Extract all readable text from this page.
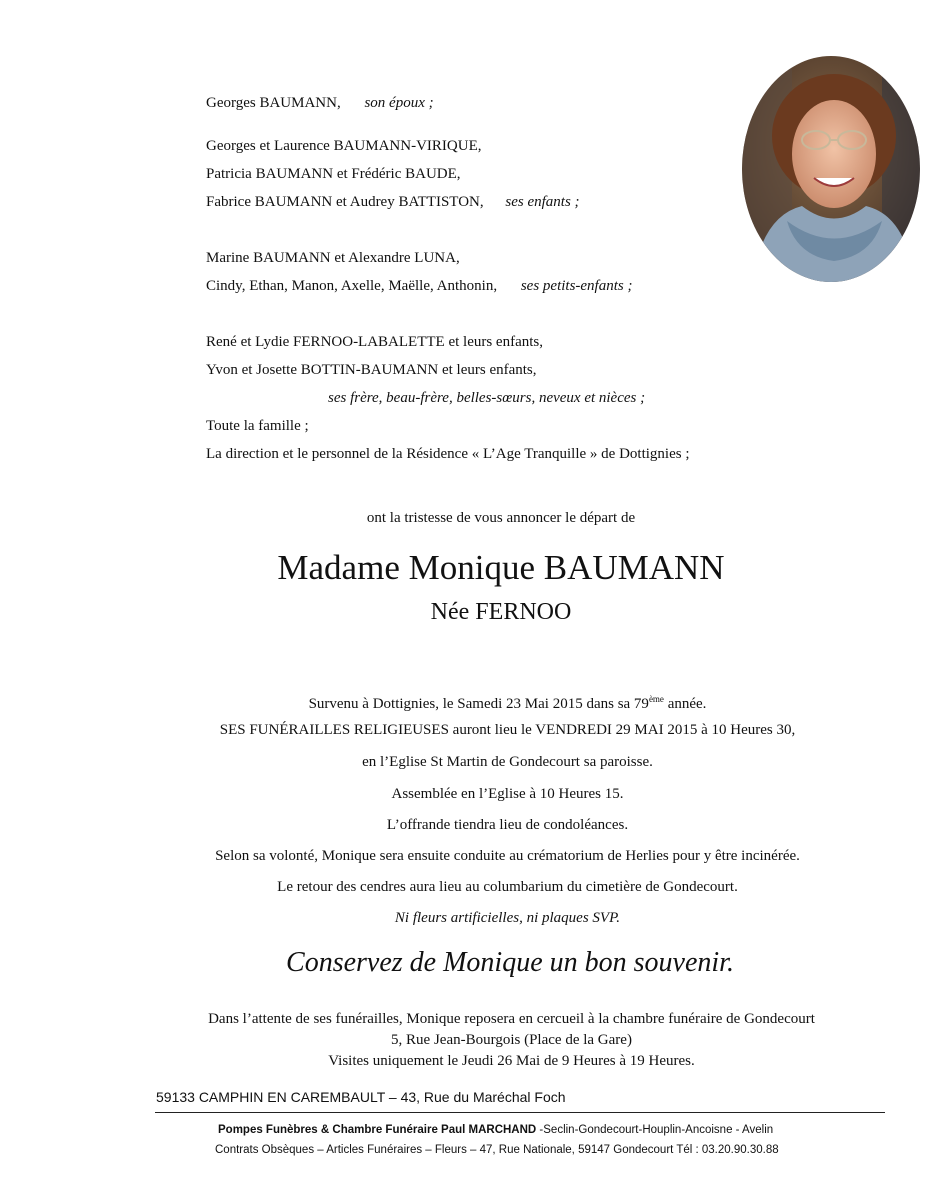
Georges BAUMANN, son époux ;
Georges et Laurence BAUMANN-VIRIQUE,
Patricia BAUMANN et Frédéric BAUDE,
Fabrice BAUMANN et Audrey BATTISTON, ses enfants ;
Marine BAUMANN et Alexandre LUNA,
Cindy, Ethan, Manon, Axelle, Maëlle, Anthonin, ses petits-enfants ;
René et Lydie FERNOO-LABALETTE et leurs enfants,
Yvon et Josette BOTTIN-BAUMANN et leurs enfants,
ses frère, beau-frère, belles-sœurs, neveux et nièces ;
Toute la famille ;
La direction et le personnel de la Résidence « L’Age Tranquille » de Dottignies ;
ont la tristesse de vous annoncer le départ de
Madame Monique BAUMANN
Née FERNOO
Survenu à Dottignies, le Samedi 23 Mai 2015 dans sa 79ème année.
SES FUNÉRAILLES RELIGIEUSES auront lieu le VENDREDI 29 MAI 2015 à 10 Heures 30,
en l’Eglise St Martin de Gondecourt sa paroisse.
Assemblée en l’Eglise à 10 Heures 15.
L’offrande tiendra lieu de condoléances.
Selon sa volonté, Monique sera ensuite conduite au crématorium de Herlies pour y être incinérée.
Le retour des cendres aura lieu au columbarium du cimetière de Gondecourt.
Ni fleurs artificielles, ni plaques SVP.
Conservez de Monique un bon souvenir.
Dans l’attente de ses funérailles, Monique reposera en cercueil à la chambre funéraire de Gondecourt
5, Rue Jean-Bourgois (Place de la Gare)
Visites uniquement le Jeudi 26 Mai de 9 Heures à 19 Heures.
59133 CAMPHIN EN CAREMBAULT – 43, Rue du Maréchal Foch
Pompes Funèbres & Chambre Funéraire Paul MARCHAND -Seclin-Gondecourt-Houplin-Ancoisne - Avelin
Contrats Obsèques – Articles Funéraires – Fleurs – 47, Rue Nationale, 59147 Gondecourt Tél : 03.20.90.30.88
